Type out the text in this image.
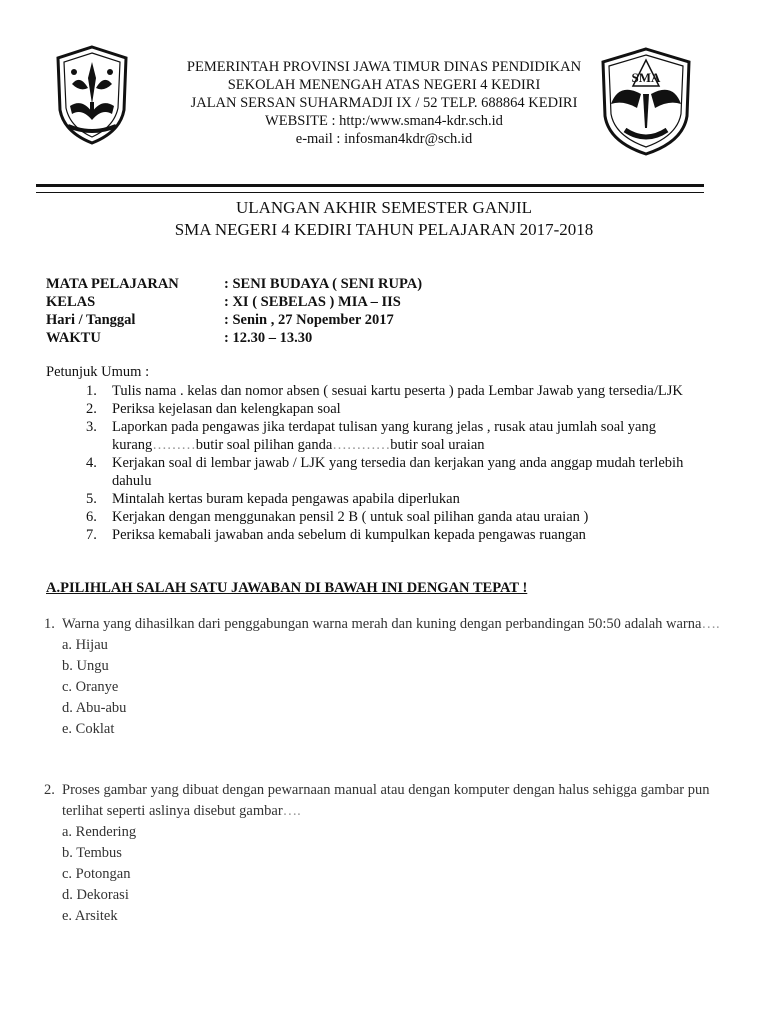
SMA
PEMERINTAH PROVINSI JAWA TIMUR DINAS PENDIDIKAN
SEKOLAH MENENGAH ATAS NEGERI 4 KEDIRI
JALAN SERSAN SUHARMADJI IX / 52 TELP. 688864 KEDIRI
WEBSITE : http:/www.sman4-kdr.sch.id
e-mail : infosman4kdr@sch.id
ULANGAN AKHIR SEMESTER GANJIL
SMA NEGERI 4 KEDIRI TAHUN PELAJARAN 2017-2018
MATA PELAJARAN	: SENI BUDAYA ( SENI RUPA)
KELAS	: XI ( SEBELAS ) MIA – IIS
Hari / Tanggal	: Senin , 27 Nopember 2017
WAKTU	: 12.30 – 13.30
Petunjuk Umum :
1. Tulis nama . kelas dan nomor absen ( sesuai kartu peserta ) pada Lembar Jawab yang tersedia/LJK
2. Periksa kejelasan dan kelengkapan soal
3. Laporkan pada pengawas jika terdapat tulisan yang kurang jelas , rusak atau jumlah soal yang
kurang………butir soal pilihan ganda…………butir soal uraian
4. Kerjakan soal di lembar jawab / LJK yang tersedia dan kerjakan yang anda anggap mudah terlebih dahulu
5. Mintalah kertas buram kepada pengawas apabila diperlukan
6. Kerjakan dengan menggunakan pensil 2 B ( untuk soal pilihan ganda atau uraian )
7. Periksa kemabali jawaban anda sebelum di kumpulkan kepada pengawas ruangan
A.PILIHLAH SALAH SATU JAWABAN DI BAWAH INI DENGAN TEPAT !
1. Warna yang dihasilkan dari penggabungan warna merah dan kuning dengan perbandingan 50:50 adalah warna….
a. Hijau
b. Ungu
c. Oranye
d. Abu-abu
e. Coklat
2. Proses gambar yang dibuat dengan pewarnaan manual atau dengan komputer dengan halus sehigga gambar pun terlihat seperti aslinya disebut gambar….
a. Rendering
b. Tembus
c. Potongan
d. Dekorasi
e. Arsitek
